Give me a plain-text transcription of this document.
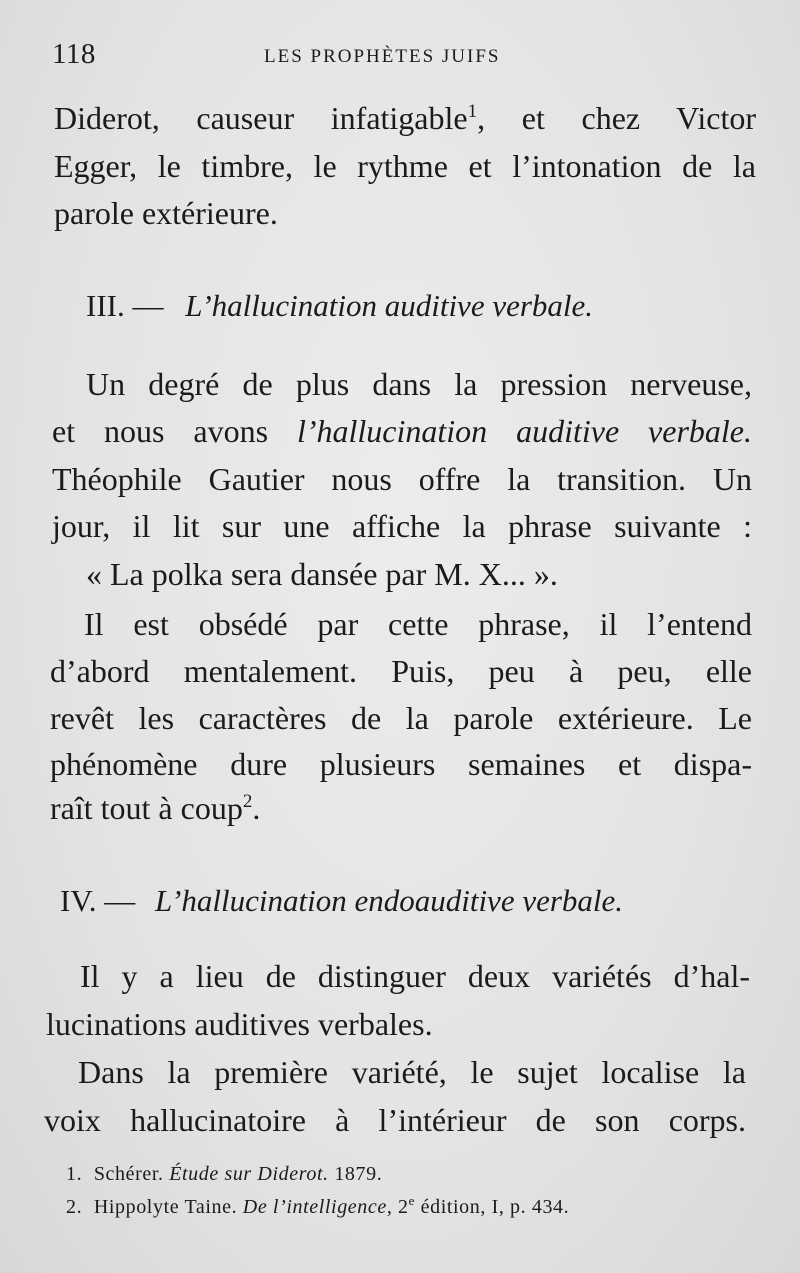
118	LES PROPHÈTES JUIFS
Diderot, causeur infatigable$^1$, et chez Victor
Egger, le timbre, le rythme et l’intonation de la
parole extérieure.
III. — L’hallucination auditive verbale.
Un degré de plus dans la pression nerveuse,
et nous avons l’hallucination auditive verbale.
Théophile Gautier nous offre la transition. Un
jour, il lit sur une affiche la phrase suivante :
« La polka sera dansée par M. X... ».
Il est obsédé par cette phrase, il l’entend
d’abord mentalement. Puis, peu à peu, elle
revêt les caractères de la parole extérieure. Le
phénomène dure plusieurs semaines et dispa-
raît tout à coup$^2$.
IV. — L’hallucination endoauditive verbale.
Il y a lieu de distinguer deux variétés d’hal-
lucinations auditives verbales.
Dans la première variété, le sujet localise la
voix hallucinatoire à l’intérieur de son corps.
1. Schérer. Étude sur Diderot. 1879.
2. Hippolyte Taine. De l’intelligence, 2e édition, I, p. 434.
